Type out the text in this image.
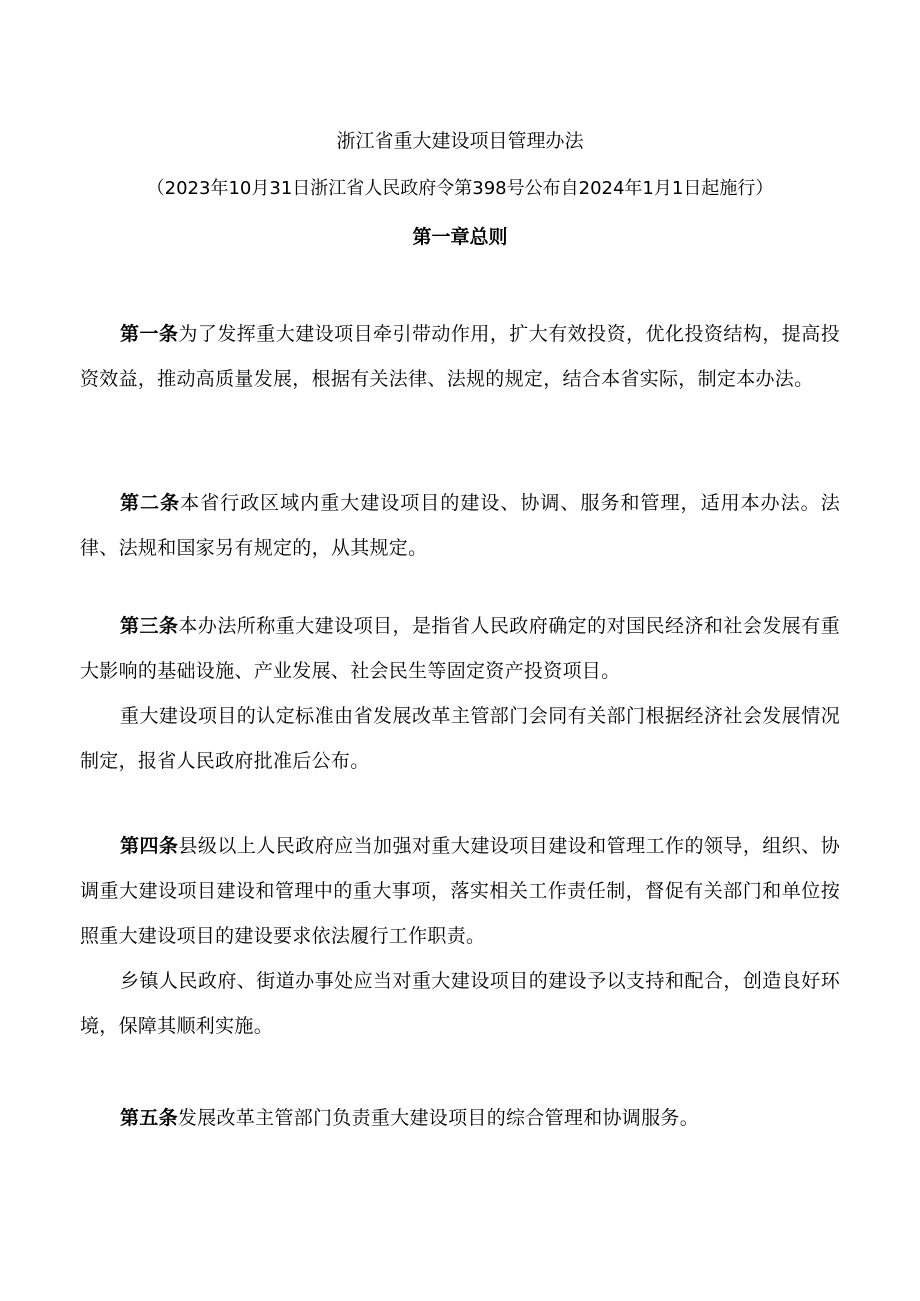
浙江省重大建设项目管理办法
（2023年10月31日浙江省人民政府令第398号公布自2024年1月1日起施行）
第一章总则

第一条为了发挥重大建设项目牵引带动作用，扩大有效投资，优化投资结构，提高投资效益，推动高质量发展，根据有关法律、法规的规定，结合本省实际，制定本办法。

第二条本省行政区域内重大建设项目的建设、协调、服务和管理，适用本办法。法律、法规和国家另有规定的，从其规定。

第三条本办法所称重大建设项目，是指省人民政府确定的对国民经济和社会发展有重大影响的基础设施、产业发展、社会民生等固定资产投资项目。

重大建设项目的认定标准由省发展改革主管部门会同有关部门根据经济社会发展情况制定，报省人民政府批准后公布。

第四条县级以上人民政府应当加强对重大建设项目建设和管理工作的领导，组织、协调重大建设项目建设和管理中的重大事项，落实相关工作责任制，督促有关部门和单位按照重大建设项目的建设要求依法履行工作职责。

乡镇人民政府、街道办事处应当对重大建设项目的建设予以支持和配合，创造良好环境，保障其顺利实施。

第五条发展改革主管部门负责重大建设项目的综合管理和协调服务。
